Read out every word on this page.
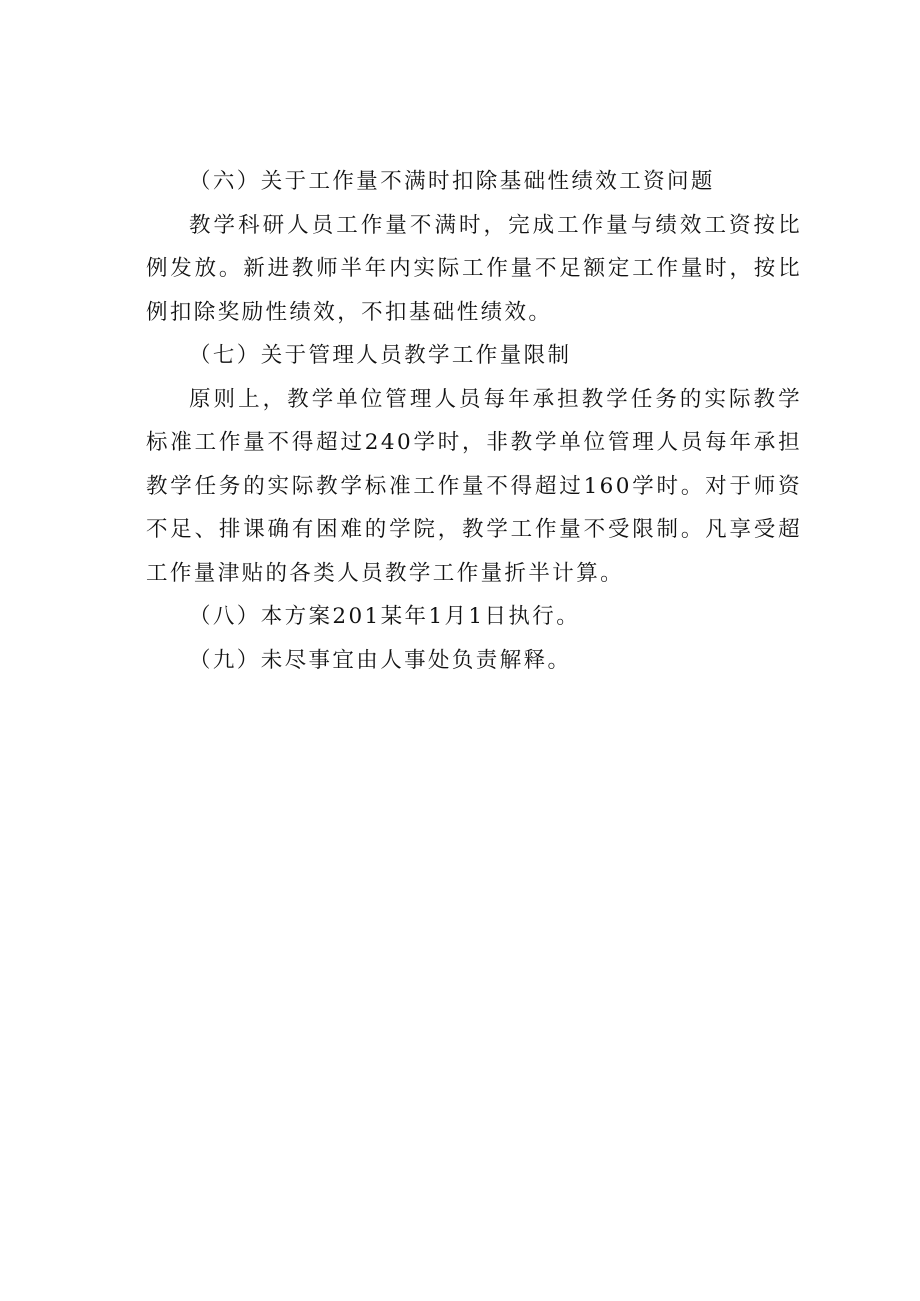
（六）关于工作量不满时扣除基础性绩效工资问题

教学科研人员工作量不满时，完成工作量与绩效工资按比例发放。新进教师半年内实际工作量不足额定工作量时，按比例扣除奖励性绩效，不扣基础性绩效。

（七）关于管理人员教学工作量限制

原则上，教学单位管理人员每年承担教学任务的实际教学标准工作量不得超过240学时，非教学单位管理人员每年承担教学任务的实际教学标准工作量不得超过160学时。对于师资不足、排课确有困难的学院，教学工作量不受限制。凡享受超工作量津贴的各类人员教学工作量折半计算。

（八）本方案201某年1月1日执行。

（九）未尽事宜由人事处负责解释。
